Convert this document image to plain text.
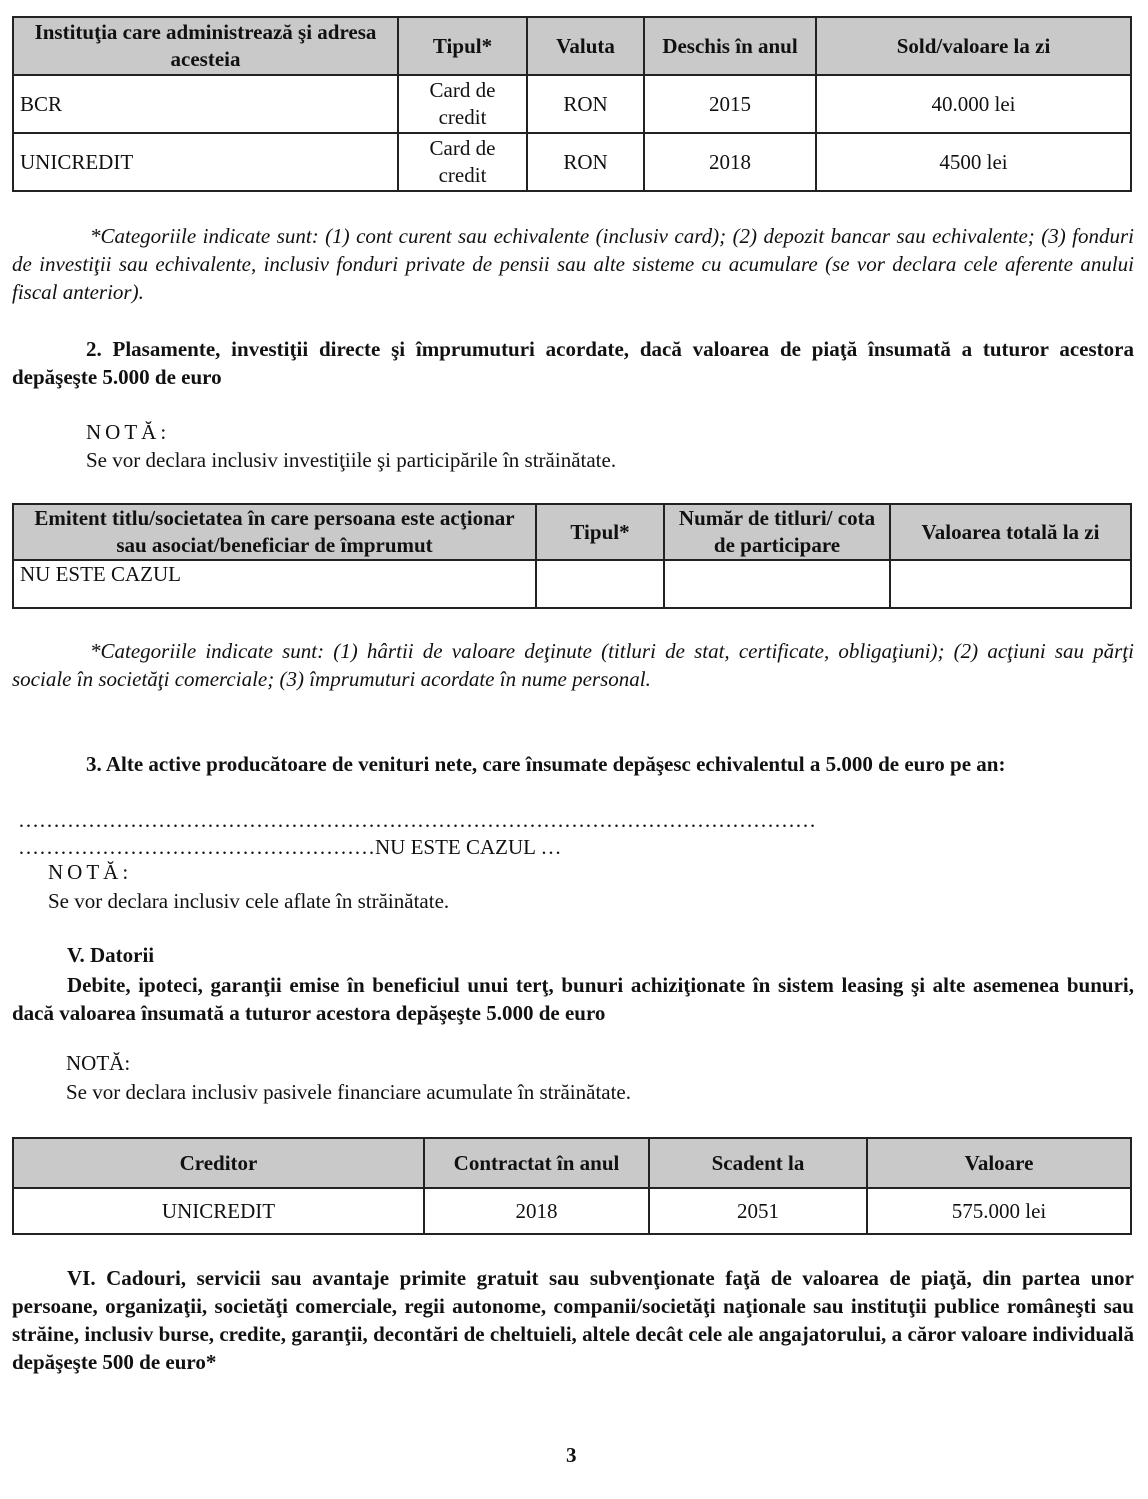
Instituţia care administrează şi adresa acesteia	Tipul*	Valuta	Deschis în anul	Sold/valoare la zi
BCR	Card de credit	RON	2015	40.000 lei
UNICREDIT	Card de credit	RON	2018	4500 lei
*Categoriile indicate sunt: (1) cont curent sau echivalente (inclusiv card); (2) depozit bancar sau echivalente; (3) fonduri de investiţii sau echivalente, inclusiv fonduri private de pensii sau alte sisteme cu acumulare (se vor declara cele aferente anului fiscal anterior).
2. Plasamente, investiţii directe şi împrumuturi acordate, dacă valoarea de piaţă însumată a tuturor acestora depăşeşte 5.000 de euro
NOTĂ:
Se vor declara inclusiv investiţiile şi participările în străinătate.
Emitent titlu/societatea în care persoana este acţionar sau asociat/beneficiar de împrumut	Tipul*	Număr de titluri/ cota de participare	Valoarea totală la zi
NU ESTE CAZUL			
*Categoriile indicate sunt: (1) hârtii de valoare deţinute (titluri de stat, certificate, obligaţiuni); (2) acţiuni sau părţi sociale în societăţi comerciale; (3) împrumuturi acordate în nume personal.
3. Alte active producătoare de venituri nete, care însumate depăşesc echivalentul a 5.000 de euro pe an:
……………………………………………………………………………………………………
……………………………………………NU ESTE CAZUL …
NOTĂ:
Se vor declara inclusiv cele aflate în străinătate.
V. Datorii
Debite, ipoteci, garanţii emise în beneficiul unui terţ, bunuri achiziţionate în sistem leasing şi alte asemenea bunuri, dacă valoarea însumată a tuturor acestora depăşeşte 5.000 de euro
NOTĂ:
Se vor declara inclusiv pasivele financiare acumulate în străinătate.
Creditor	Contractat în anul	Scadent la	Valoare
UNICREDIT	2018	2051	575.000 lei
VI. Cadouri, servicii sau avantaje primite gratuit sau subvenţionate faţă de valoarea de piaţă, din partea unor persoane, organizaţii, societăţi comerciale, regii autonome, companii/societăţi naţionale sau instituţii publice româneşti sau străine, inclusiv burse, credite, garanţii, decontări de cheltuieli, altele decât cele ale angajatorului, a căror valoare individuală depăşeşte 500 de euro*
3
